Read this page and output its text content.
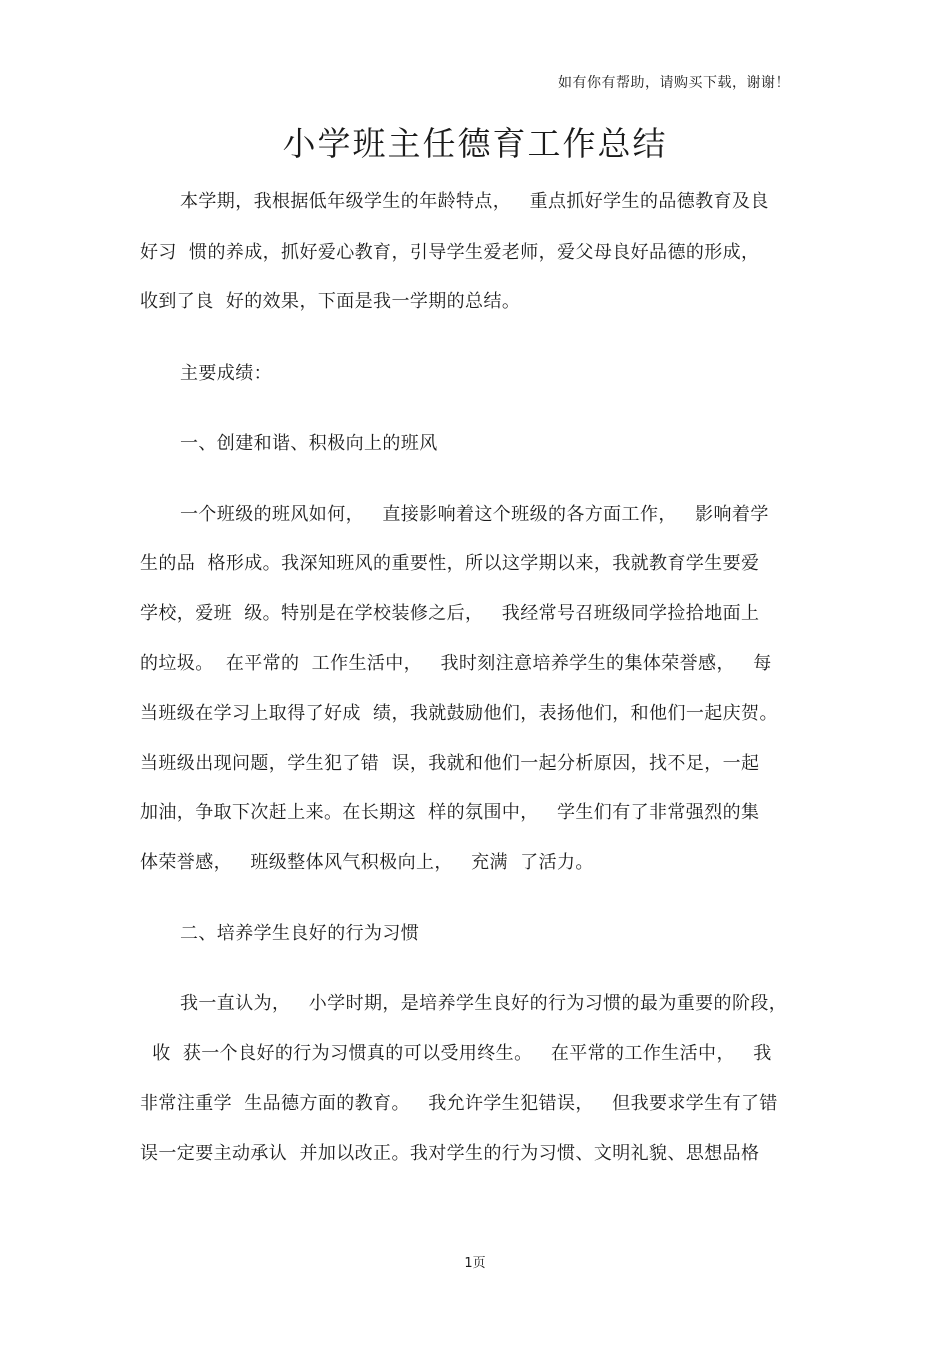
如有你有帮助，请购买下载，谢谢！
小学班主任德育工作总结
本学期，我根据低年级学生的年龄特点，   重点抓好学生的品德教育及良
好习  惯的养成，抓好爱心教育，引导学生爱老师，爱父母良好品德的形成，
收到了良  好的效果，下面是我一学期的总结。
主要成绩：
一、创建和谐、积极向上的班风
一个班级的班风如何，   直接影响着这个班级的各方面工作，   影响着学
生的品  格形成。我深知班风的重要性，所以这学期以来，我就教育学生要爱
学校，爱班  级。特别是在学校装修之后，   我经常号召班级同学捡拾地面上
的垃圾。  在平常的  工作生活中，   我时刻注意培养学生的集体荣誉感，   每
当班级在学习上取得了好成  绩，我就鼓励他们，表扬他们，和他们一起庆贺。
当班级出现问题，学生犯了错  误，我就和他们一起分析原因，找不足，一起
加油，争取下次赶上来。在长期这  样的氛围中，   学生们有了非常强烈的集
体荣誉感，   班级整体风气积极向上，   充满  了活力。
二、培养学生良好的行为习惯
我一直认为，   小学时期，是培养学生良好的行为习惯的最为重要的阶段，
收  获一个良好的行为习惯真的可以受用终生。   在平常的工作生活中，   我
非常注重学  生品德方面的教育。   我允许学生犯错误，   但我要求学生有了错
误一定要主动承认  并加以改正。我对学生的行为习惯、文明礼貌、思想品格
1页
